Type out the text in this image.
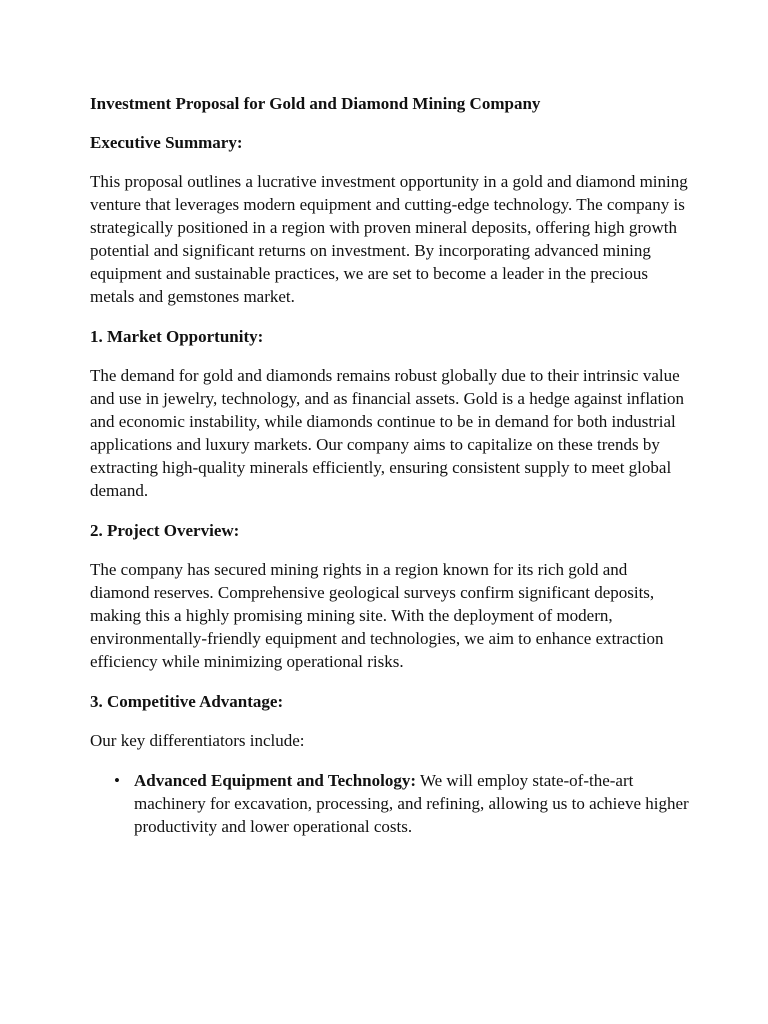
Investment Proposal for Gold and Diamond Mining Company
Executive Summary:

This proposal outlines a lucrative investment opportunity in a gold and diamond mining venture that leverages modern equipment and cutting-edge technology. The company is strategically positioned in a region with proven mineral deposits, offering high growth potential and significant returns on investment. By incorporating advanced mining equipment and sustainable practices, we are set to become a leader in the precious metals and gemstones market.

1. Market Opportunity:

The demand for gold and diamonds remains robust globally due to their intrinsic value and use in jewelry, technology, and as financial assets. Gold is a hedge against inflation and economic instability, while diamonds continue to be in demand for both industrial applications and luxury markets. Our company aims to capitalize on these trends by extracting high-quality minerals efficiently, ensuring consistent supply to meet global demand.

2. Project Overview:

The company has secured mining rights in a region known for its rich gold and diamond reserves. Comprehensive geological surveys confirm significant deposits, making this a highly promising mining site. With the deployment of modern, environmentally-friendly equipment and technologies, we aim to enhance extraction efficiency while minimizing operational risks.

3. Competitive Advantage:

Our key differentiators include:

• Advanced Equipment and Technology: We will employ state-of-the-art machinery for excavation, processing, and refining, allowing us to achieve higher productivity and lower operational costs.
